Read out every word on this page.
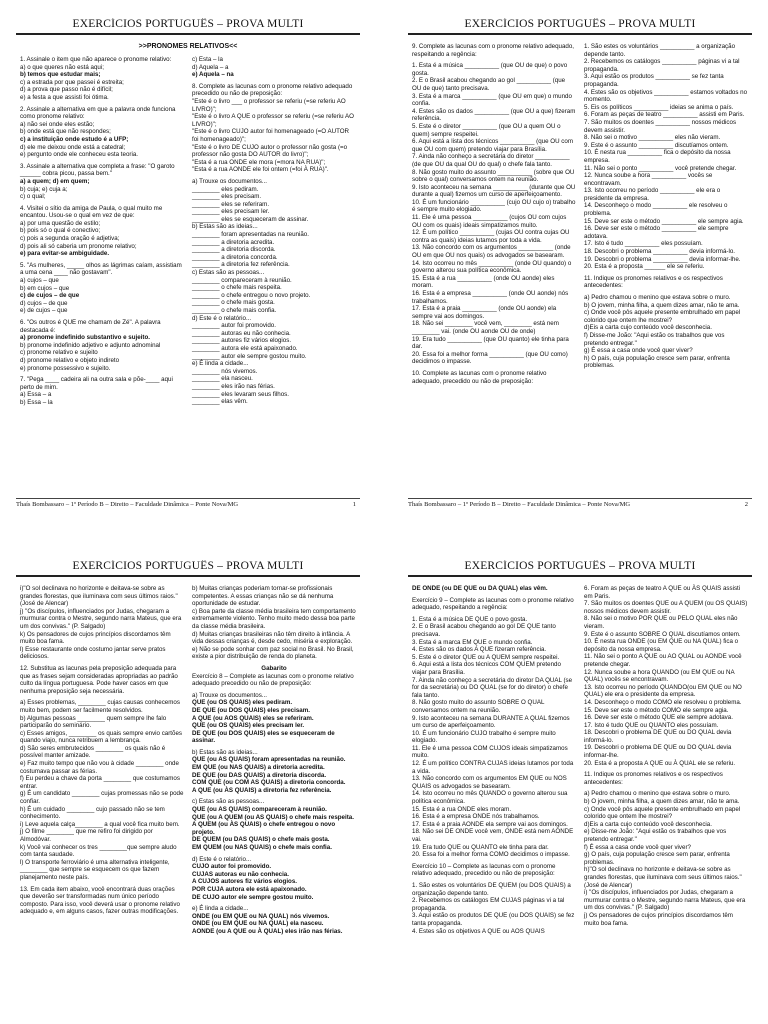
EXERCÍCIOS PORTUGUÊS – PROVA MULTI
>>PRONOMES RELATIVOS<<
1. Assinale o item que não aparece o pronome relativo:
a) o que queres não está aqui;
b) temos que estudar mais;
c) a estrada por que passei é estreita;
d) a prova que passo não é difícil;
e) a festa a que assisti foi ótima.
2. Assinale a alternativa em que a palavra onde funciona como pronome relativo:
a) não sei onde eles estão;
b) onde está que não respondes;
c) a instituição onde estudo é a UFP;
d) ele me deixou onde está a catedral;
e) pergunto onde ele conheceu esta teoria.
3. Assinale a alternativa que completa a frase: "O garoto ______ cobra picou, passa bem."
a) a quem; d) em quem;
b) cuja; e) cuja a;
c) o qual;
4. Visitei o sítio da amiga de Paula, o qual muito me encantou. Usou-se o qual em vez de que:
a) por uma questão de estilo;
b) pois só o qual é conectivo;
c) pois a segunda oração é adjetiva;
d) pois ali só caberia um pronome relativo;
e) para evitar-se ambiguidade.
5. "As mulheres, _____ olhos as lágrimas caíam, assistiam a uma cena ____ não gostavam".
a) cujos – que
b) em cujos – que
c) de cujos – de que
d) cujos – de que
e) de cujos – que
6. "Os outros é QUE me chamam de Zé". A palavra destacada é:
a) pronome indefinido substantivo e sujeito.
b) pronome indefinido adjetivo e adjunto adnominal
c) pronome relativo e sujeito
d) pronome relativo e objeto indireto
e) pronome possessivo e sujeito.
7. "Pega ____ cadeira ali na outra sala e põe-____ aqui perto de mim.
a) Essa – a
b) Essa – la
c) Esta – la
d) Aquela – a
e) Aquela – na
8. Complete as lacunas com o pronome relativo adequado precedido ou não de preposição:
"Este é o livro ___ o professor se referiu (=se referiu AO LIVRO)";
"Este é o livro A QUE o professor se referiu (=se referiu AO LIVRO)";
"Este é o livro CUJO autor foi homenageado (=O AUTOR foi homenageado)";
"Este é o livro DE CUJO autor o professor não gosta (=o professor não gosta DO AUTOR do livro)";
"Esta é a rua ONDE ele mora (=mora NA RUA)";
"Esta é a rua AONDE ele foi ontem (=foi À RUA)".
a) Trouxe os documentos...
________ eles pediram.
________ eles precisam.
________ eles se referiram.
________ eles precisam ler.
________ eles se esqueceram de assinar.
b) Estas são as ideias...
________ foram apresentadas na reunião.
________ a diretoria acredita.
________ a diretoria discorda.
________ a diretoria concorda.
________ a diretoria fez referência.
c) Estas são as pessoas...
________ compareceram à reunião.
________ o chefe mais respeita.
________ o chefe entregou o novo projeto.
________ o chefe mais gosta.
________ o chefe mais confia.
d) Este é o relatório...
________ autor foi promovido.
________ autoras eu não conhecia.
________ autores fiz vários elogios.
________ autora ele está apaixonado.
________ autor ele sempre gostou muito.
e) É linda a cidade...
________ nós vivemos.
________ ela nasceu.
________ eles irão nas férias.
________ eles levaram seus filhos.
________ elas vêm.
Thaís Bombassaro – 1º Período B – Direito – Faculdade Dinâmica – Ponte Nova/MG	1
EXERCÍCIOS PORTUGUÊS – PROVA MULTI
9. Complete as lacunas com o pronome relativo adequado, respeitando a regência:
1. Esta é a música __________ (que OU de que) o povo gosta.
2. E o Brasil acabou chegando ao gol __________ (que OU de que) tanto precisava.
3. Esta é a marca __________ (que OU em que) o mundo confia.
4. Estes são os dados __________ (que OU a que) fizeram referência.
5. Este é o diretor __________ (que OU a quem OU o quem) sempre respeitei.
6. Aqui está a lista dos técnicos __________ (que OU com que OU com quem) pretendo viajar para Brasília.
7. Ainda não conheço a secretária do diretor __________ (de que OU da qual OU do qual) o chefe fala tanto.
8. Não gosto muito do assunto __________ (sobre que OU sobre o qual) conversamos ontem na reunião.
9. Isto aconteceu na semana __________ (durante que OU durante a qual) fizemos um curso de aperfeiçoamento.
10. É um funcionário __________ (cujo OU cujo o) trabalho é sempre muito elogiado.
11. Ele é uma pessoa __________ (cujos OU com cujos OU com os quais) ideais simpatizamos muito.
12. É um político __________ (cujas OU contra cujas OU contra as quais) ideias lutamos por toda a vida.
13. Não concordo com os argumentos __________ (onde OU em que OU nos quais) os advogados se basearam.
14. Isto ocorreu no mês __________ (onde OU quando) o governo alterou sua política econômica.
15. Esta é a rua __________ (onde OU aonde) eles moram.
16. Esta é a empresa __________ (onde OU aonde) nós trabalhamos.
17. Esta é a praia __________ (onde OU aonde) ela sempre vai aos domingos.
18. Não sei ________ você vem, ________ está nem ________ vai. (onde OU aonde OU de onde)
19. Era tudo __________ (que OU quanto) ele tinha para dar.
20. Essa foi a melhor forma __________ (que OU como) decidimos o impasse.
10. Complete as lacunas com o pronome relativo adequado, precedido ou não de preposição:
1. São estes os voluntários __________ a organização depende tanto.
2. Recebemos os catálogos __________ páginas vi a tal propaganda.
3. Aqui estão os produtos __________ se fez tanta propaganda.
4. Estes são os objetivos __________ estamos voltados no momento.
5. Eis os políticos __________ ideias se anima o país.
6. Foram as peças de teatro __________ assisti em Paris.
7. São muitos os doentes __________ nossos médicos devem assistir.
8. Não sei o motivo __________ eles não vieram.
9. Este é o assunto __________ discutíamos ontem.
10. É nesta rua __________ fica o depósito da nossa empresa.
11. Não sei o ponto __________ você pretende chegar.
12. Nunca soube a hora __________ vocês se encontravam.
13. Isto ocorreu no período __________ ele era o presidente da empresa.
14. Desconheço o modo __________ ele resolveu o problema.
15. Deve ser este o método __________ ele sempre agia.
16. Deve ser este o método __________ ele sempre adotava.
17. Isto é tudo __________ eles possuíam.
18. Descobri o problema __________ devia informá-lo.
19. Descobri o problema __________ devia informar-lhe.
20. Esta é a proposta ______ ele se referiu.
11. Indique os pronomes relativos e os respectivos antecedentes:
a) Pedro chamou o menino que estava sobre o muro.
b) O jovem, minha filha, a quem dizes amar, não te ama.
c) Onde você pôs aquele presente embrulhado em papel colorido que ontem lhe mostrei?
d)Eis a carta cujo conteúdo você desconhecia.
f) Disse-me João: "Aqui estão os trabalhos que vos pretendo entregar."
g) É essa a casa onde você quer viver?
h) O país, cuja população cresce sem parar, enfrenta problemas.
Thaís Bombassaro – 1º Período B – Direito – Faculdade Dinâmica – Ponte Nova/MG	2
EXERCÍCIOS PORTUGUÊS – PROVA MULTI
i)"O sol declinava no horizonte e deitava-se sobre as grandes florestas, que iluminava com seus últimos raios." (José de Alencar)
j) "Os discípulos, influenciados por Judas, chegaram a murmurar contra o Mestre, segundo narra Mateus, que era um dos convivas." (P. Salgado)
k) Os pensadores de cujos princípios discordamos têm muito boa fama.
l) Esse restaurante onde costumo jantar serve pratos deliciosos.
12. Substitua as lacunas pela preposição adequada para que as frases sejam consideradas apropriadas ao padrão culto da língua portuguesa. Pode haver casos em que nenhuma preposição seja necessária.
a) Esses problemas, ________ cujas causas conhecemos muito bem, podem ser facilmente resolvidos.
b) Algumas pessoas ________ quem sempre lhe falo participarão do seminário.
c) Esses amigos, ________ os quais sempre envio cartões quando viajo, nunca retribuem a lembrança.
d) São seres embrutecidos ________ os quais não é possível manter amizade.
e) Faz muito tempo que não vou à cidade ________ onde costumava passar as férias.
f) Eu perdeu a chave da porta ________ que costumamos entrar.
g) É um candidato ________ cujas promessas não se pode confiar.
h) É um cuidado ________ cujo passado não se tem conhecimento.
i) Leve aquela calça________ a qual você fica muito bem.
j) O filme ________ que me refiro foi dirigido por Almodóvar.
k) Você vai conhecer os tres ________que sempre aludo com tanta saudade.
l) O transporte ferroviário é uma alternativa inteligente, ________ que sempre se esquecem os que fazem planejamento neste país.
13. Em cada item abaixo, você encontrará duas orações que deverão ser transformadas num único período composto. Para isso, você deverá usar o pronome relativo adequado e, em alguns casos, fazer outras modificações.
b) Muitas crianças poderiam tornar-se profissionais competentes. A essas crianças não se dá nenhuma oportunidade de estudar.
c) Boa parte da classe média brasileira tem comportamento extremamente violento. Tenho muito medo dessa boa parte da classe média brasileira.
d) Muitas crianças brasileiras não têm direito à infância. A vida dessas crianças é, desde cedo, miséria e exploração.
e) Não se pode sonhar com paz social no Brasil. No Brasil, existe a pior distribuição de renda do planeta.
Gabarito
Exercício 8 – Complete as lacunas com o pronome relativo adequado precedido ou não de preposição:
a) Trouxe os documentos...
QUE (ou OS QUAIS) eles pediram.
DE QUE (ou DOS QUAIS) eles precisam.
A QUE (ou AOS QUAIS) eles se referiram.
QUE (ou OS QUAIS) eles precisam ler.
DE QUE (ou DOS QUAIS) eles se esqueceram de assinar.
b) Estas são as ideias...
QUE (ou AS QUAIS) foram apresentadas na reunião.
EM QUE (ou NAS QUAIS) a diretoria acredita.
DE QUE (ou DAS QUAIS) a diretoria discorda.
COM QUE (ou COM AS QUAIS) a diretoria concorda.
A QUE (ou ÀS QUAIS) a diretoria fez referência.
c) Estas são as pessoas...
QUE (ou AS QUAIS) compareceram à reunião.
QUE (ou A QUEM (ou AS QUAIS) o chefe mais respeita.
A QUEM (ou ÀS QUAIS) o chefe entregou o novo projeto.
DE QUEM (ou DAS QUAIS) o chefe mais gosta.
EM QUEM (ou NAS QUAIS) o chefe mais confia.
d) Este é o relatório...
CUJO autor foi promovido.
CUJAS autoras eu não conhecia.
A CUJOS autores fiz vários elogios.
POR CUJA autora ele está apaixonado.
DE CUJO autor ele sempre gostou muito.
e) É linda a cidade...
ONDE (ou EM QUE ou NA QUAL) nós vivemos.
ONDE (ou EM QUE ou NA QUAL) ela nasceu.
AONDE (ou A QUE ou À QUAL) eles irão nas férias.
EXERCÍCIOS PORTUGUÊS – PROVA MULTI
DE ONDE (ou DE QUE ou DA QUAL) elas vêm.
Exercício 9 – Complete as lacunas com o pronome relativo adequado, respeitando a regência:
1. Esta é a música DE QUE o povo gosta.
2. E o Brasil acabou chegando ao gol DE QUE tanto precisava.
3. Esta é a marca EM QUE o mundo confia.
4. Estes são os dados A QUE fizeram referência.
5. Este é o diretor QUE ou A QUEM sempre respeitei.
6. Aqui está a lista dos técnicos COM QUEM pretendo viajar para Brasília.
7. Ainda não conheço a secretária do diretor DA QUAL (se for da secretária) ou DO QUAL (se for do diretor) o chefe fala tanto.
8. Não gosto muito do assunto SOBRE O QUAL conversamos ontem na reunião.
9. Isto aconteceu na semana DURANTE A QUAL fizemos um curso de aperfeiçoamento.
10. É um funcionário CUJO trabalho é sempre muito elogiado.
11. Ele é uma pessoa COM CUJOS ideais simpatizamos muito.
12. É um político CONTRA CUJAS ideias lutamos por toda a vida.
13. Não concordo com os argumentos EM QUE ou NOS QUAIS os advogados se basearam.
14. Isto ocorreu no mês QUANDO o governo alterou sua política econômica.
15. Esta é a rua ONDE eles moram.
16. Esta é a empresa ONDE nós trabalhamos.
17. Esta é a praia AONDE ela sempre vai aos domingos.
18. Não sei DE ONDE você vem, ONDE está nem AONDE vai.
19. Era tudo QUE ou QUANTO ele tinha para dar.
20. Essa foi a melhor forma COMO decidimos o impasse.
Exercício 10 – Complete as lacunas com o pronome relativo adequado, precedido ou não de preposição:
1. São estes os voluntários DE QUEM (ou DOS QUAIS) a organização depende tanto.
2. Recebemos os catálogos EM CUJAS páginas vi a tal propaganda.
3. Aqui estão os produtos DE QUE (ou DOS QUAIS) se fez tanta propaganda.
4. Estes são os objetivos A QUE ou AOS QUAIS
6. Foram as peças de teatro A QUE ou ÀS QUAIS assisti em Paris.
7. São muitos os doentes QUE ou A QUEM (ou OS QUAIS) nossos médicos devem assistir.
8. Não sei o motivo POR QUE ou PELO QUAL eles não vieram.
9. Este é o assunto SOBRE O QUAL discutíamos ontem.
10. É nesta rua ONDE (ou EM QUE ou NA QUAL) fica o depósito da nossa empresa.
11. Não sei o ponto A QUE ou AO QUAL ou AONDE você pretende chegar.
12. Nunca soube a hora QUANDO (ou EM QUE ou NA QUAL) vocês se encontravam.
13. Isto ocorreu no período QUANDO(ou EM QUE ou NO QUAL) ele era o presidente da empresa.
14. Desconheço o modo COMO ele resolveu o problema.
15. Deve ser este o método COMO ele sempre agia.
16. Deve ser este o método QUE ele sempre adotava.
17. Isto é tudo QUE ou QUANTO eles possuíam.
18. Descobri o problema DE QUE ou DO QUAL devia informá-lo.
19. Descobri o problema DE QUE ou DO QUAL devia informar-lhe.
20. Esta é a proposta A QUE ou À QUAL ele se referiu.
11. Indique os pronomes relativos e os respectivos antecedentes:
a) Pedro chamou o menino que estava sobre o muro.
b) O jovem, minha filha, a quem dizes amar, não te ama.
c) Onde você pôs aquele presente embrulhado em papel colorido que ontem lhe mostrei?
d)Eis a carta cujo conteúdo você desconhecia.
e) Disse-me João: "Aqui estão os trabalhos que vos pretendo entregar."
f) É essa a casa onde você quer viver?
g) O país, cuja população cresce sem parar, enfrenta problemas.
h)"O sol declinava no horizonte e deitava-se sobre as grandes florestas, que iluminava com seus últimos raios." (José de Alencar)
i) "Os discípulos, influenciados por Judas, chegaram a murmurar contra o Mestre, segundo narra Mateus, que era um dos convivas." (P. Salgado)
j) Os pensadores de cujos princípios discordamos têm muito boa fama.
